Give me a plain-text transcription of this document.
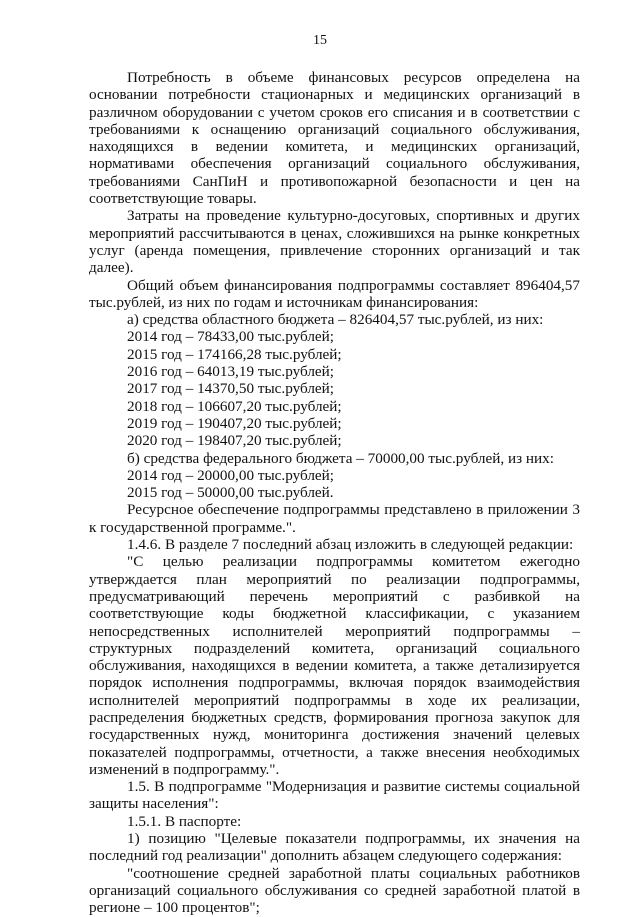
15

Потребность в объеме финансовых ресурсов определена на основании потребности стационарных и медицинских организаций в различном оборудовании с учетом сроков его списания и в соответствии с требованиями к оснащению организаций социального обслуживания, находящихся в ведении комитета, и медицинских организаций, нормативами обеспечения организаций социального обслуживания, требованиями СанПиН и противопожарной безопасности и цен на соответствующие товары.

Затраты на проведение культурно-досуговых, спортивных и других мероприятий рассчитываются в ценах, сложившихся на рынке конкретных услуг (аренда помещения, привлечение сторонних организаций и так далее).

Общий объем финансирования подпрограммы составляет 896404,57 тыс.рублей, из них по годам и источникам финансирования:

а) средства областного бюджета – 826404,57 тыс.рублей, из них:

2014 год – 78433,00 тыс.рублей;

2015 год – 174166,28 тыс.рублей;

2016 год – 64013,19 тыс.рублей;

2017 год – 14370,50 тыс.рублей;

2018 год – 106607,20 тыс.рублей;

2019 год – 190407,20 тыс.рублей;

2020 год – 198407,20 тыс.рублей;

б) средства федерального бюджета – 70000,00 тыс.рублей, из них:

2014 год – 20000,00 тыс.рублей;

2015 год – 50000,00 тыс.рублей.

Ресурсное обеспечение подпрограммы представлено в приложении 3 к государственной программе.".

1.4.6. В разделе 7 последний абзац изложить в следующей редакции:

"С целью реализации подпрограммы комитетом ежегодно утверждается план мероприятий по реализации подпрограммы, предусматривающий перечень мероприятий с разбивкой на соответствующие коды бюджетной классификации, с указанием непосредственных исполнителей мероприятий подпрограммы – структурных подразделений комитета, организаций социального обслуживания, находящихся в ведении комитета, а также детализируется порядок исполнения подпрограммы, включая порядок взаимодействия исполнителей мероприятий подпрограммы в ходе их реализации, распределения бюджетных средств, формирования прогноза закупок для государственных нужд, мониторинга достижения значений целевых показателей подпрограммы, отчетности, а также внесения необходимых изменений в подпрограмму.".

1.5. В подпрограмме "Модернизация и развитие системы социальной защиты населения":

1.5.1. В паспорте:

1) позицию "Целевые показатели подпрограммы, их значения на последний год реализации" дополнить абзацем следующего содержания:

"соотношение средней заработной платы социальных работников организаций социального обслуживания со средней заработной платой в регионе – 100 процентов";
